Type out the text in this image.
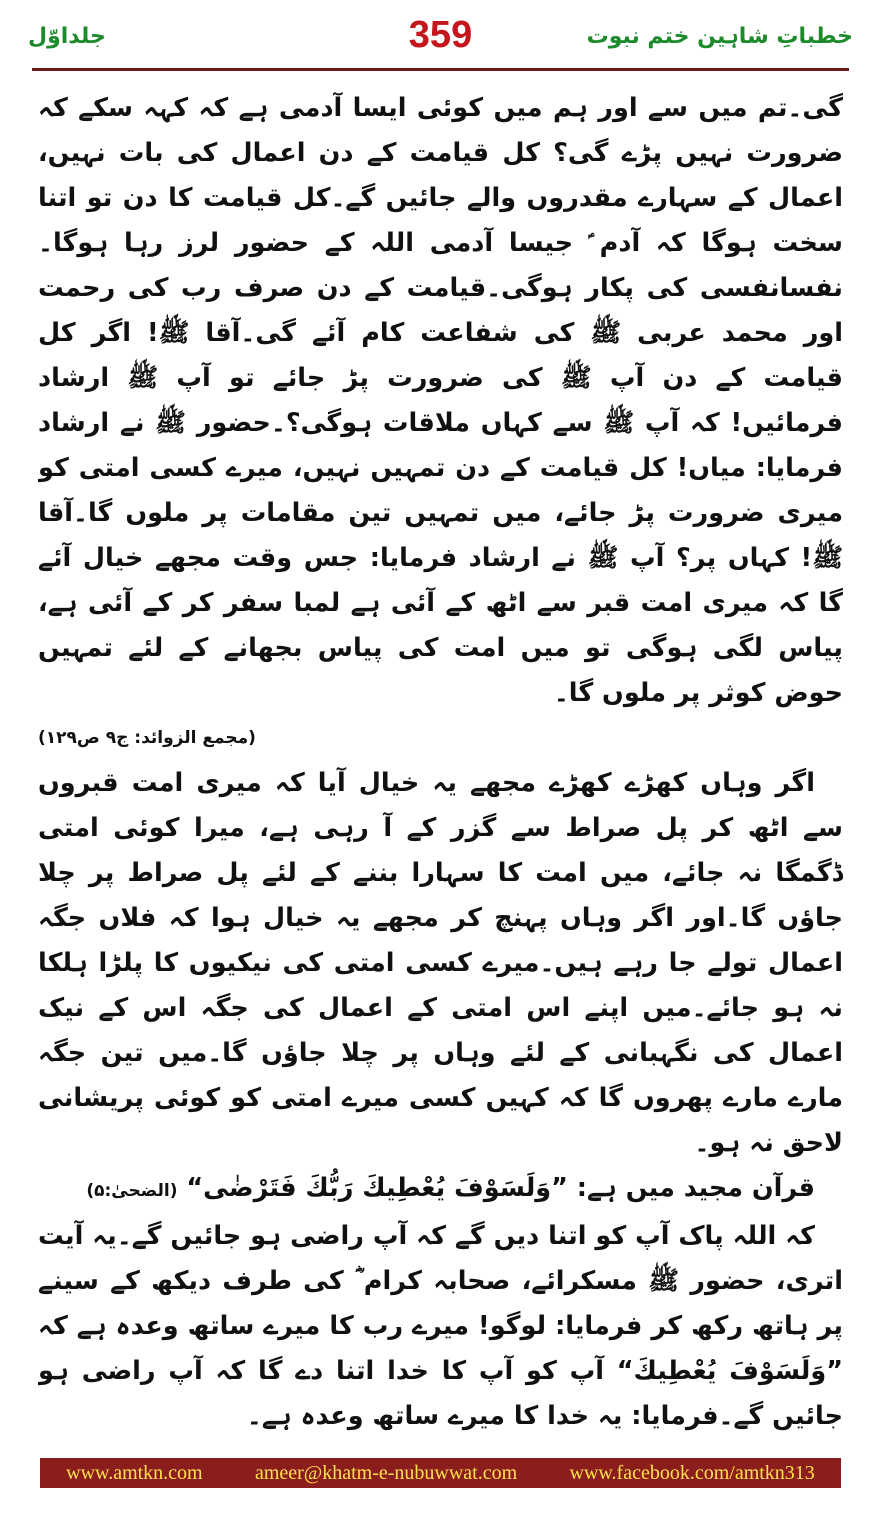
جلداوّل	359	خطباتِ شاہین ختم نبوت

گی۔تم میں سے اور ہم میں کوئی ایسا آدمی ہے کہ کہہ سکے کہ ضرورت نہیں پڑے گی؟ کل قیامت کے دن اعمال کی بات نہیں، اعمال کے سہارے مقدروں والے جائیں گے۔کل قیامت کا دن تو اتنا سخت ہوگا کہ آدم ؑ جیسا آدمی اللہ کے حضور لرز رہا ہوگا۔نفسانفسی کی پکار ہوگی۔قیامت کے دن صرف رب کی رحمت اور محمد عربی ﷺ کی شفاعت کام آئے گی۔آقا ﷺ! اگر کل قیامت کے دن آپ ﷺ کی ضرورت پڑ جائے تو آپ ﷺ ارشاد فرمائیں! کہ آپ ﷺ سے کہاں ملاقات ہوگی؟۔حضور ﷺ نے ارشاد فرمایا: میاں! کل قیامت کے دن تمہیں نہیں، میرے کسی امتی کو میری ضرورت پڑ جائے، میں تمہیں تین مقامات پر ملوں گا۔آقا ﷺ! کہاں پر؟ آپ ﷺ نے ارشاد فرمایا: جس وقت مجھے خیال آئے گا کہ میری امت قبر سے اٹھ کے آئی ہے لمبا سفر کر کے آئی ہے، پیاس لگی ہوگی تو میں امت کی پیاس بجھانے کے لئے تمہیں حوض کوثر پر ملوں گا۔

(مجمع الزوائد: ج۹ ص۱۲۹)

اگر وہاں کھڑے کھڑے مجھے یہ خیال آیا کہ میری امت قبروں سے اٹھ کر پل صراط سے گزر کے آ رہی ہے، میرا کوئی امتی ڈگمگا نہ جائے، میں امت کا سہارا بننے کے لئے پل صراط پر چلا جاؤں گا۔اور اگر وہاں پہنچ کر مجھے یہ خیال ہوا کہ فلاں جگہ اعمال تولے جا رہے ہیں۔میرے کسی امتی کی نیکیوں کا پلڑا ہلکا نہ ہو جائے۔میں اپنے اس امتی کے اعمال کی جگہ اس کے نیک اعمال کی نگہبانی کے لئے وہاں پر چلا جاؤں گا۔میں تین جگہ مارے مارے پھروں گا کہ کہیں کسی میرے امتی کو کوئی پریشانی لاحق نہ ہو۔

قرآن مجید میں ہے: ”وَلَسَوْفَ يُعْطِيكَ رَبُّكَ فَتَرْضٰى“ (الضحیٰ:۵)

کہ اللہ پاک آپ کو اتنا دیں گے کہ آپ راضی ہو جائیں گے۔یہ آیت اتری، حضور ﷺ مسکرائے، صحابہ کرام ؓ کی طرف دیکھ کے سینے پر ہاتھ رکھ کر فرمایا: لوگو! میرے رب کا میرے ساتھ وعدہ ہے کہ ”وَلَسَوْفَ يُعْطِيكَ“ آپ کو آپ کا خدا اتنا دے گا کہ آپ راضی ہو جائیں گے۔فرمایا: یہ خدا کا میرے ساتھ وعدہ ہے۔

www.amtkn.com	ameer@khatm-e-nubuwwat.com	www.facebook.com/amtkn313
